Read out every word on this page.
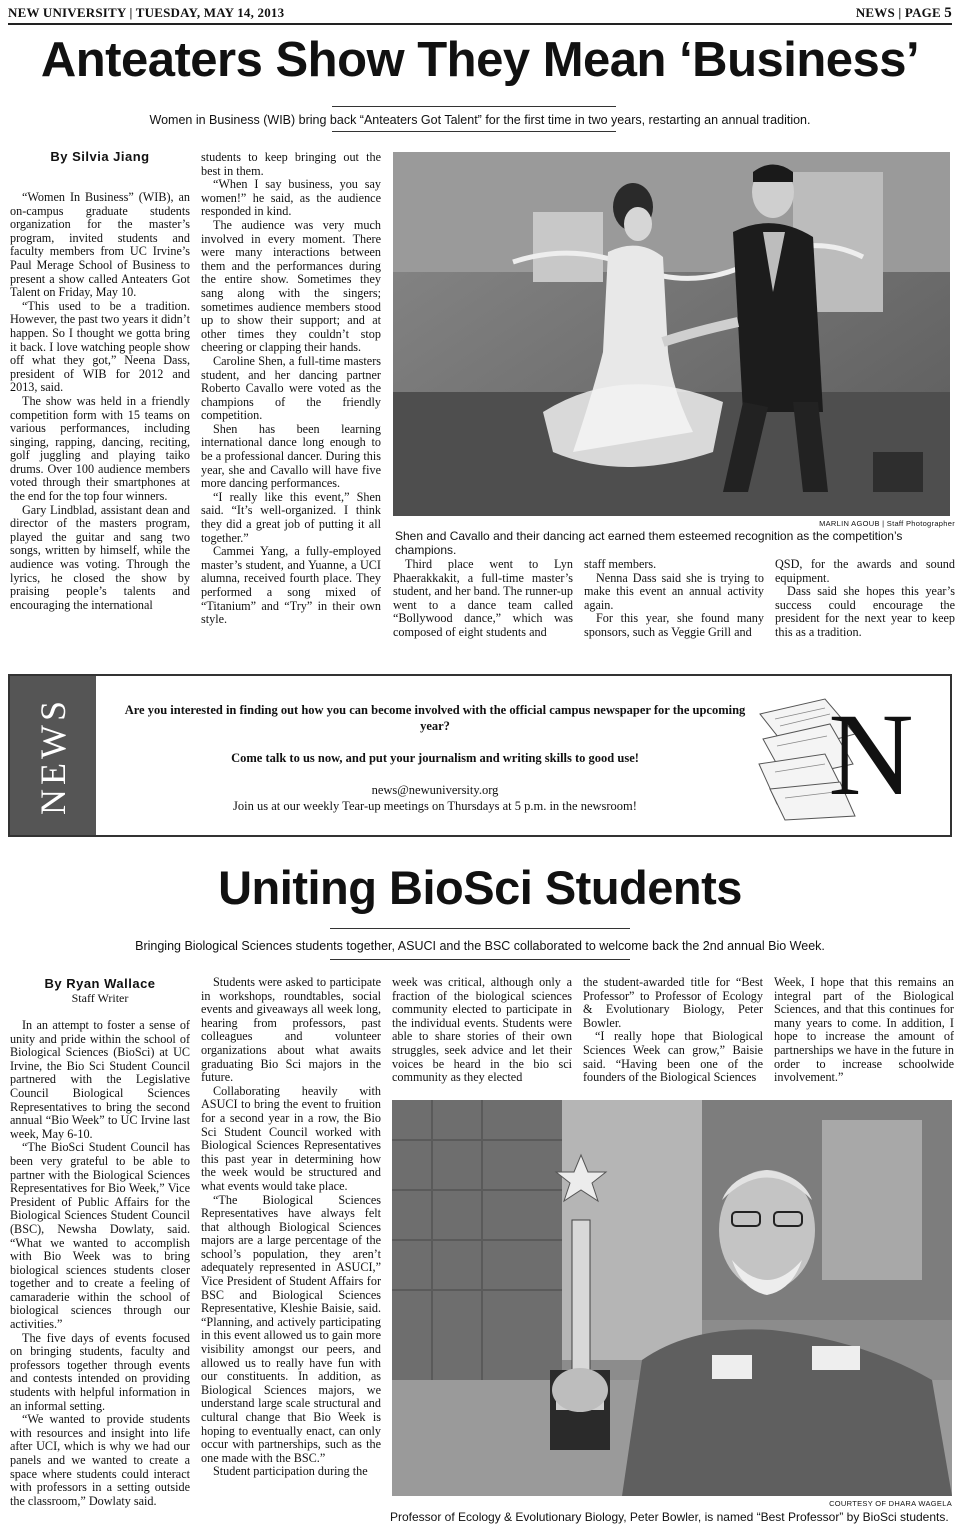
NEW UNIVERSITY | TUESDAY, MAY 14, 2013	NEWS | PAGE 5
Anteaters Show They Mean ‘Business’
Women in Business (WIB) bring back “Anteaters Got Talent” for the first time in two years, restarting an annual tradition.
By Silvia Jiang

“Women In Business” (WIB), an on-campus graduate students organization for the master’s program, invited students and faculty members from UC Irvine’s Paul Merage School of Business to present a show called Anteaters Got Talent on Friday, May 10.

“This used to be a tradition. However, the past two years it didn’t happen. So I thought we gotta bring it back. I love watching people show off what they got,” Neena Dass, president of WIB for 2012 and 2013, said.

The show was held in a friendly competition form with 15 teams on various performances, including singing, rapping, dancing, reciting, golf juggling and playing taiko drums. Over 100 audience members voted through their smartphones at the end for the top four winners.

Gary Lindblad, assistant dean and director of the masters program, played the guitar and sang two songs, written by himself, while the audience was voting. Through the lyrics, he closed the show by praising people’s talents and encouraging the international

students to keep bringing out the best in them.

“When I say business, you say women!” he said, as the audience responded in kind.

The audience was very much involved in every moment. There were many interactions between them and the performances during the entire show. Sometimes they sang along with the singers; sometimes audience members stood up to show their support; and at other times they couldn’t stop cheering or clapping their hands.

Caroline Shen, a full-time masters student, and her dancing partner Roberto Cavallo were voted as the champions of the friendly competition.

Shen has been learning international dance long enough to be a professional dancer. During this year, she and Cavallo will have five more dancing performances.

“I really like this event,” Shen said. “It’s well-organized. I think they did a great job of putting it all together.”

Cammei Yang, a fully-employed master’s student, and Yuanne, a UCI alumna, received fourth place. They performed a song mixed of “Titanium” and “Try” in their own style.

MARLIN AGOUB | Staff Photographer
Shen and Cavallo and their dancing act earned them esteemed recognition as the competition’s champions.

Third place went to Lyn Phaerakkakit, a full-time master’s student, and her band. The runner-up went to a dance team called “Bollywood dance,” which was composed of eight students and

staff members.

Nenna Dass said she is trying to make this event an annual activity again.

For this year, she found many sponsors, such as Veggie Grill and

QSD, for the awards and sound equipment.

Dass said she hopes this year’s success could encourage the president for the next year to keep this as a tradition.

NEWS	Are you interested in finding out how you can become involved with the official campus newspaper for the upcoming year?
Come talk to us now, and put your journalism and writing skills to good use!
news@newuniversity.org
Join us at our weekly Tear-up meetings on Thursdays at 5 p.m. in the newsroom!	N
Uniting BioSci Students
Bringing Biological Sciences students together, ASUCI and the BSC collaborated to welcome back the 2nd annual Bio Week.
By Ryan Wallace
Staff Writer

In an attempt to foster a sense of unity and pride within the school of Biological Sciences (BioSci) at UC Irvine, the Bio Sci Student Council partnered with the Legislative Council Biological Sciences Representatives to bring the second annual “Bio Week” to UC Irvine last week, May 6-10.

“The BioSci Student Council has been very grateful to be able to partner with the Biological Sciences Representatives for Bio Week,” Vice President of Public Affairs for the Biological Sciences Student Council (BSC), Newsha Dowlaty, said. “What we wanted to accomplish with Bio Week was to bring biological sciences students closer together and to create a feeling of camaraderie within the school of biological sciences through our activities.”

The five days of events focused on bringing students, faculty and professors together through events and contests intended on providing students with helpful information in an informal setting.

“We wanted to provide students with resources and insight into life after UCI, which is why we had our panels and we wanted to create a space where students could interact with professors in a setting outside the classroom,” Dowlaty said.

Students were asked to participate in workshops, roundtables, social events and giveaways all week long, hearing from professors, past colleagues and volunteer organizations about what awaits graduating Bio Sci majors in the future.

Collaborating heavily with ASUCI to bring the event to fruition for a second year in a row, the Bio Sci Student Council worked with Biological Sciences Representatives this past year in determining how the week would be structured and what events would take place.

“The Biological Sciences Representatives have always felt that although Biological Sciences majors are a large percentage of the school’s population, they aren’t adequately represented in ASUCI,” Vice President of Student Affairs for BSC and Biological Sciences Representative, Kleshie Baisie, said. “Planning, and actively participating in this event allowed us to gain more visibility amongst our peers, and allowed us to really have fun with our constituents. In addition, as Biological Sciences majors, we understand large scale structural and cultural change that Bio Week is hoping to eventually enact, can only occur with partnerships, such as the one made with the BSC.”

Student participation during the

week was critical, although only a fraction of the biological sciences community elected to participate in the individual events. Students were able to share stories of their own struggles, seek advice and let their voices be heard in the bio sci community as they elected

the student-awarded title for “Best Professor” to Professor of Ecology & Evolutionary Biology, Peter Bowler.

“I really hope that Biological Sciences Week can grow,” Baisie said. “Having been one of the founders of the Biological Sciences

Week, I hope that this remains an integral part of the Biological Sciences, and that this continues for many years to come. In addition, I hope to increase the amount of partnerships we have in the future in order to increase schoolwide involvement.”

COURTESY OF DHARA WAGELA
Professor of Ecology & Evolutionary Biology, Peter Bowler, is named “Best Professor” by BioSci students.
